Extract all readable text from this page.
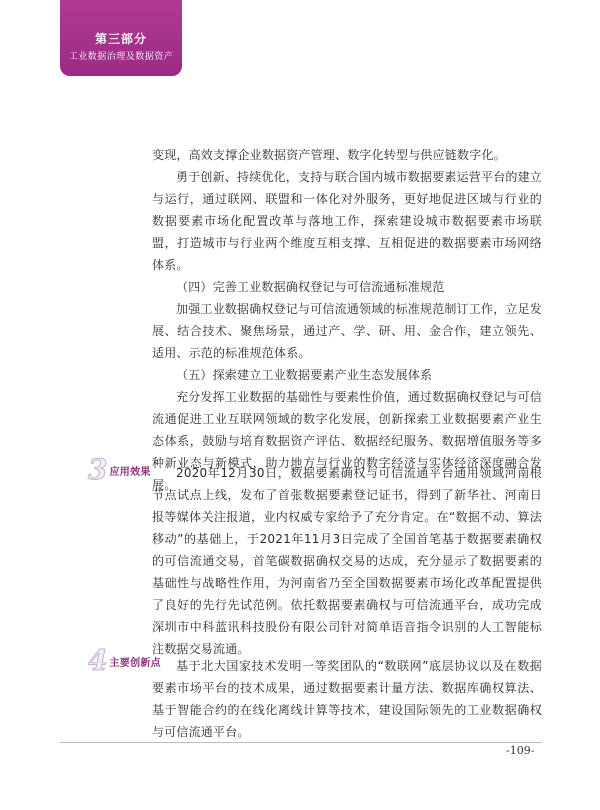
第三部分
工业数据治理及数据资产

变现，高效支撑企业数据资产管理、数字化转型与供应链数字化。

勇于创新、持续优化，支持与联合国内城市数据要素运营平台的建立与运行，通过联网、联盟和一体化对外服务，更好地促进区域与行业的数据要素市场化配置改革与落地工作，探索建设城市数据要素市场联盟，打造城市与行业两个维度互相支撑、互相促进的数据要素市场网络体系。

（四）完善工业数据确权登记与可信流通标准规范

加强工业数据确权登记与可信流通领域的标准规范制订工作，立足发展、结合技术、聚焦场景，通过产、学、研、用、金合作，建立领先、适用、示范的标准规范体系。

（五）探索建立工业数据要素产业生态发展体系

充分发挥工业数据的基础性与要素性价值，通过数据确权登记与可信流通促进工业互联网领域的数字化发展，创新探索工业数据要素产业生态体系，鼓励与培育数据资产评估、数据经纪服务、数据增值服务等多种新业态与新模式，助力地方与行业的数字经济与实体经济深度融合发展。

3 应用效果	2020年12月30日，数据要素确权与可信流通平台通用领域河南根节点试点上线，发布了首张数据要素登记证书，得到了新华社、河南日报等媒体关注报道，业内权威专家给予了充分肯定。在“数据不动、算法移动”的基础上，于2021年11月3日完成了全国首笔基于数据要素确权的可信流通交易，首笔碳数据确权交易的达成，充分显示了数据要素的基础性与战略性作用，为河南省乃至全国数据要素市场化改革配置提供了良好的先行先试范例。依托数据要素确权与可信流通平台，成功完成深圳市中科蓝讯科技股份有限公司针对简单语音指令识别的人工智能标注数据交易流通。

4 主要创新点	基于北大国家技术发明一等奖团队的“数联网”底层协议以及在数据要素市场平台的技术成果，通过数据要素计量方法、数据库确权算法、基于智能合约的在线化离线计算等技术，建设国际领先的工业数据确权与可信流通平台。

-109-
